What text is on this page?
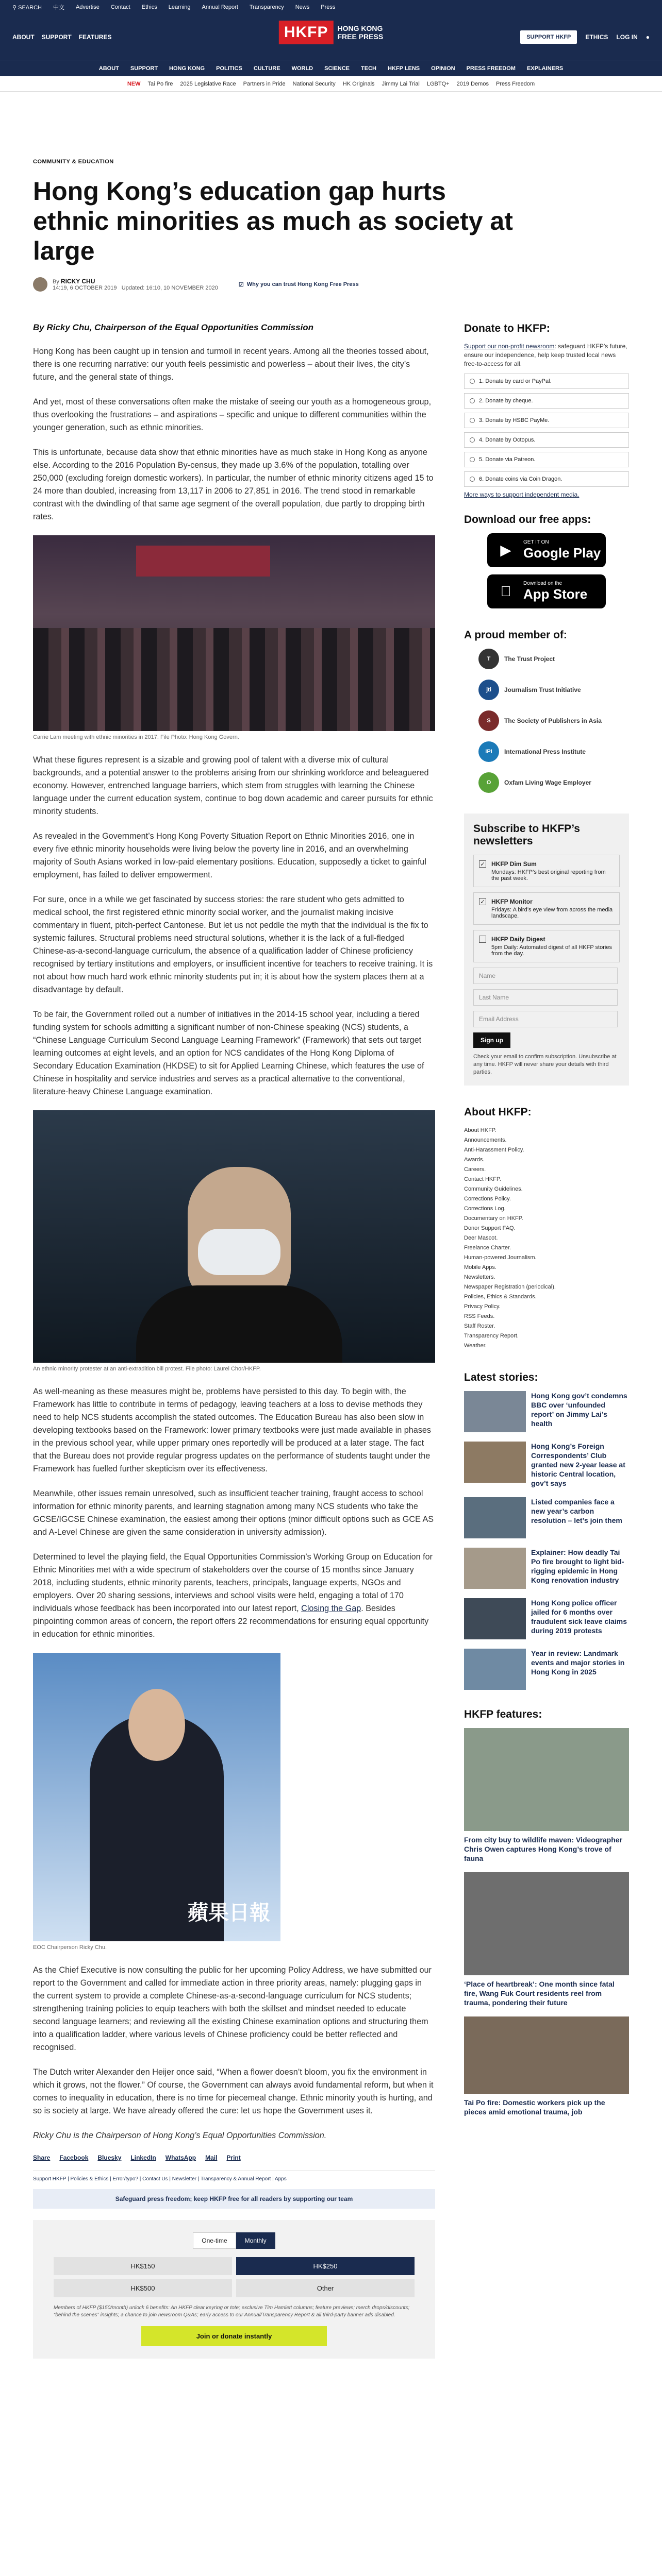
⚲ SEARCH 中文 Advertise Contact Ethics Learning Annual Report Transparency News Press
ABOUT SUPPORT FEATURES	HKFP	HONG KONG
FREE PRESS	SUPPORT HKFP	ETHICS LOG IN ●
ABOUT SUPPORT HONG KONG POLITICS CULTURE WORLD SCIENCE TECH HKFP LENS OPINION PRESS FREEDOM EXPLAINERS
NEW Tai Po fire 2025 Legislative Race Partners in Pride National Security HK Originals Jimmy Lai Trial LGBTQ+ 2019 Demos Press Freedom
COMMUNITY & EDUCATION
Hong Kong’s education gap hurts ethnic minorities as much as society at large
By RICKY CHU
14:19, 6 OCTOBER 2019 Updated: 16:10, 10 NOVEMBER 2020
☑ Why you can trust Hong Kong Free Press
By Ricky Chu, Chairperson of the Equal Opportunities Commission

Hong Kong has been caught up in tension and turmoil in recent years. Among all the theories tossed about, there is one recurring narrative: our youth feels pessimistic and powerless – about their lives, the city’s future, and the general state of things.

And yet, most of these conversations often make the mistake of seeing our youth as a homogeneous group, thus overlooking the frustrations – and aspirations – specific and unique to different communities within the younger generation, such as ethnic minorities.

This is unfortunate, because data show that ethnic minorities have as much stake in Hong Kong as anyone else. According to the 2016 Population By-census, they made up 3.6% of the population, totalling over 250,000 (excluding foreign domestic workers). In particular, the number of ethnic minority citizens aged 15 to 24 more than doubled, increasing from 13,117 in 2006 to 27,851 in 2016. The trend stood in remarkable contrast with the dwindling of that same age segment of the overall population, due partly to dropping birth rates.

Carrie Lam meeting with ethnic minorities in 2017. File Photo: Hong Kong Govern.

What these figures represent is a sizable and growing pool of talent with a diverse mix of cultural backgrounds, and a potential answer to the problems arising from our shrinking workforce and beleaguered economy. However, entrenched language barriers, which stem from struggles with learning the Chinese language under the current education system, continue to bog down academic and career pursuits for ethnic minority students.

As revealed in the Government’s Hong Kong Poverty Situation Report on Ethnic Minorities 2016, one in every five ethnic minority households were living below the poverty line in 2016, and an overwhelming majority of South Asians worked in low-paid elementary positions. Education, supposedly a ticket to gainful employment, has failed to deliver empowerment.

For sure, once in a while we get fascinated by success stories: the rare student who gets admitted to medical school, the first registered ethnic minority social worker, and the journalist making incisive commentary in fluent, pitch-perfect Cantonese. But let us not peddle the myth that the individual is the fix to systemic failures. Structural problems need structural solutions, whether it is the lack of a full-fledged Chinese-as-a-second-language curriculum, the absence of a qualification ladder of Chinese proficiency recognised by tertiary institutions and employers, or insufficient incentive for teachers to receive training. It is not about how much hard work ethnic minority students put in; it is about how the system places them at a disadvantage by default.

To be fair, the Government rolled out a number of initiatives in the 2014-15 school year, including a tiered funding system for schools admitting a significant number of non-Chinese speaking (NCS) students, a “Chinese Language Curriculum Second Language Learning Framework” (Framework) that sets out target learning outcomes at eight levels, and an option for NCS candidates of the Hong Kong Diploma of Secondary Education Examination (HKDSE) to sit for Applied Learning Chinese, which features the use of Chinese in hospitality and service industries and serves as a practical alternative to the conventional, literature-heavy Chinese Language examination.

An ethnic minority protester at an anti-extradition bill protest. File photo: Laurel Chor/HKFP.

As well-meaning as these measures might be, problems have persisted to this day. To begin with, the Framework has little to contribute in terms of pedagogy, leaving teachers at a loss to devise methods they need to help NCS students accomplish the stated outcomes. The Education Bureau has also been slow in developing textbooks based on the Framework: lower primary textbooks were just made available in phases in the previous school year, while upper primary ones reportedly will be produced at a later stage. The fact that the Bureau does not provide regular progress updates on the performance of students taught under the Framework has fuelled further skepticism over its effectiveness.

Meanwhile, other issues remain unresolved, such as insufficient teacher training, fraught access to school information for ethnic minority parents, and learning stagnation among many NCS students who take the GCSE/IGCSE Chinese examination, the easiest among their options (minor difficult options such as GCE AS and A-Level Chinese are given the same consideration in university admission).

Determined to level the playing field, the Equal Opportunities Commission’s Working Group on Education for Ethnic Minorities met with a wide spectrum of stakeholders over the course of 15 months since January 2018, including students, ethnic minority parents, teachers, principals, language experts, NGOs and employers. Over 20 sharing sessions, interviews and school visits were held, engaging a total of 170 individuals whose feedback has been incorporated into our latest report, Closing the Gap. Besides pinpointing common areas of concern, the report offers 22 recommendations for ensuring equal opportunity in education for ethnic minorities.

蘋果日報
EOC Chairperson Ricky Chu.

As the Chief Executive is now consulting the public for her upcoming Policy Address, we have submitted our report to the Government and called for immediate action in three priority areas, namely: plugging gaps in the current system to provide a complete Chinese-as-a-second-language curriculum for NCS students; strengthening training policies to equip teachers with both the skillset and mindset needed to educate second language learners; and reviewing all the existing Chinese examination options and structuring them into a qualification ladder, where various levels of Chinese proficiency could be better reflected and recognised.

The Dutch writer Alexander den Heijer once said, “When a flower doesn’t bloom, you fix the environment in which it grows, not the flower.” Of course, the Government can always avoid fundamental reform, but when it comes to inequality in education, there is no time for piecemeal change. Ethnic minority youth is hurting, and so is society at large. We have already offered the cure: let us hope the Government uses it.

Ricky Chu is the Chairperson of Hong Kong’s Equal Opportunities Commission.

Share Facebook Bluesky LinkedIn WhatsApp Mail Print
Support HKFP | Policies & Ethics | Error/typo? | Contact Us | Newsletter | Transparency & Annual Report | Apps
Safeguard press freedom; keep HKFP free for all readers by supporting our team
One-time	Monthly
HK$150	HK$250
HK$500	Other
Members of HKFP ($150/month) unlock 6 benefits: An HKFP clear keyring or tote; exclusive Tim Hamlett columns; feature previews; merch drops/discounts; “behind the scenes” insights; a chance to join newsroom Q&As; early access to our Annual/Transparency Report & all third-party banner ads disabled.
Join or donate instantly
Donate to HKFP:

Support our non-profit newsroom: safeguard HKFP’s future, ensure our independence, help keep trusted local news free-to-access for all.

1. Donate by card or PayPal.
2. Donate by cheque.
3. Donate by HSBC PayMe.
4. Donate by Octopus.
5. Donate via Patreon.
6. Donate coins via Coin Dragon.
More ways to support independent media.
Download our free apps:
▶	GET IT ON
Google Play
Download on the
App Store
A proud member of:
T	The Trust Project
jti	Journalism Trust Initiative
S	The Society of Publishers in Asia
IPI	International Press Institute
O	Oxfam Living Wage Employer
Subscribe to HKFP’s newsletters
✓ HKFP Dim Sum
Mondays: HKFP’s best original reporting from the past week.
✓ HKFP Monitor
Fridays: A bird’s eye view from across the media landscape.
HKFP Daily Digest
5pm Daily: Automated digest of all HKFP stories from the day.
Name
Last Name
Email Address
Sign up

Check your email to confirm subscription. Unsubscribe at any time. HKFP will never share your details with third parties.

About HKFP:
About HKFP.
Announcements.
Anti-Harassment Policy.
Awards.
Careers.
Contact HKFP.
Community Guidelines.
Corrections Policy.
Corrections Log.
Documentary on HKFP.
Donor Support FAQ.
Deer Mascot.
Freelance Charter.
Human-powered Journalism.
Mobile Apps.
Newsletters.
Newspaper Registration (periodical).
Policies, Ethics & Standards.
Privacy Policy.
RSS Feeds.
Staff Roster.
Transparency Report.
Weather.
Latest stories:
Hong Kong gov’t condemns BBC over ‘unfounded report’ on Jimmy Lai’s health
Hong Kong’s Foreign Correspondents’ Club granted new 2-year lease at historic Central location, gov’t says
Listed companies face a new year’s carbon resolution – let’s join them
Explainer: How deadly Tai Po fire brought to light bid-rigging epidemic in Hong Kong renovation industry
Hong Kong police officer jailed for 6 months over fraudulent sick leave claims during 2019 protests
Year in review: Landmark events and major stories in Hong Kong in 2025
HKFP features:
From city buy to wildlife maven: Videographer Chris Owen captures Hong Kong’s trove of fauna
‘Place of heartbreak’: One month since fatal fire, Wang Fuk Court residents reel from trauma, pondering their future
Tai Po fire: Domestic workers pick up the pieces amid emotional trauma, job
